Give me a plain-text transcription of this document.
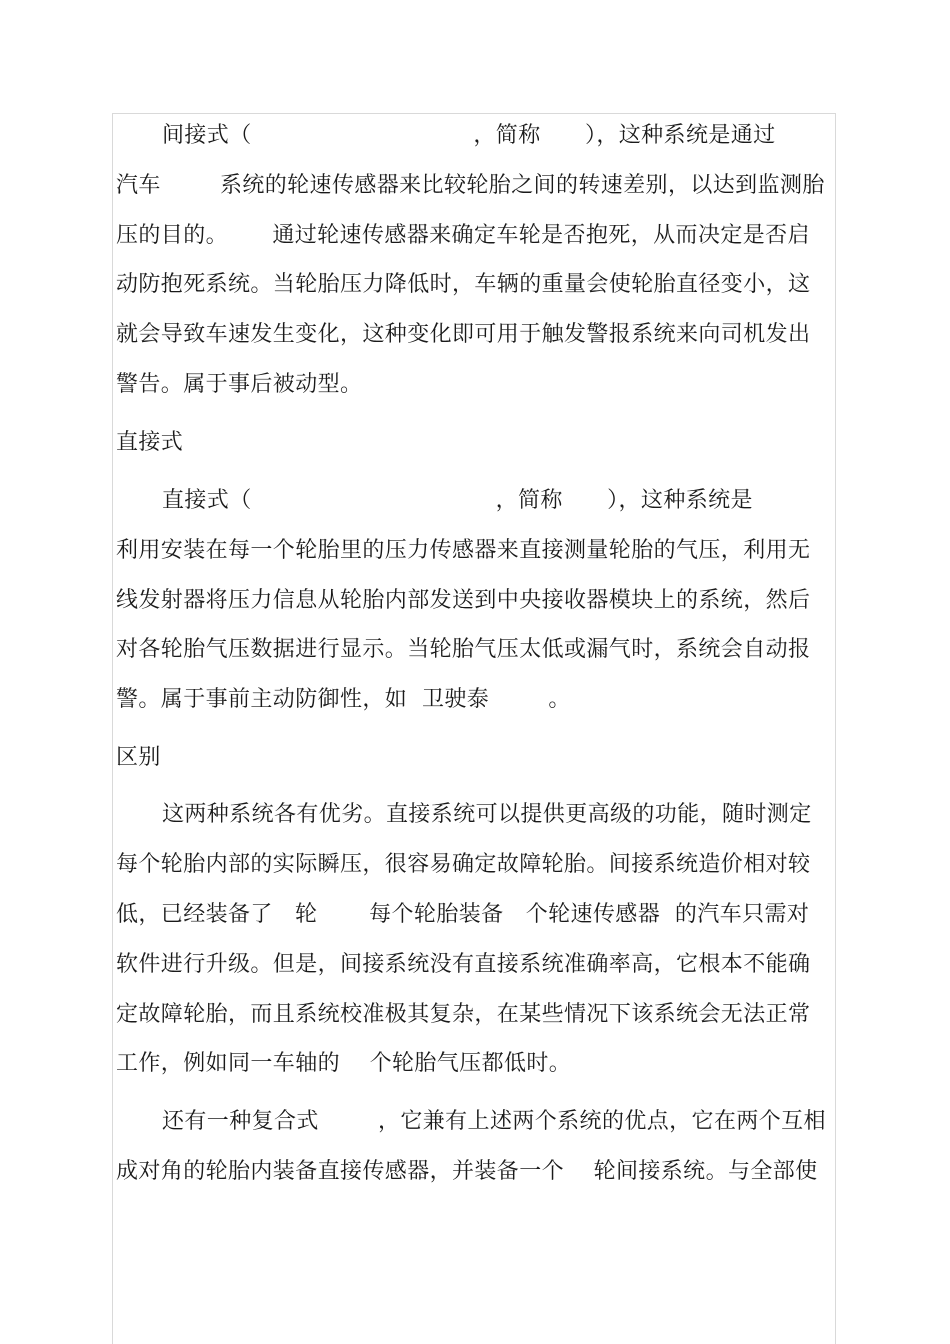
间接式（                              ，简称      ），这种系统是通过
汽车        系统的轮速传感器来比较轮胎之间的转速差别，以达到监测胎
压的目的。      通过轮速传感器来确定车轮是否抱死，从而决定是否启
动防抱死系统。当轮胎压力降低时，车辆的重量会使轮胎直径变小，这
就会导致车速发生变化，这种变化即可用于触发警报系统来向司机发出
警告。属于事后被动型。
直接式
直接式（                                 ，简称      ），这种系统是
利用安装在每一个轮胎里的压力传感器来直接测量轮胎的气压，利用无
线发射器将压力信息从轮胎内部发送到中央接收器模块上的系统，然后
对各轮胎气压数据进行显示。当轮胎气压太低或漏气时，系统会自动报
警。属于事前主动防御性，如  卫驶泰        。
区别
这两种系统各有优劣。直接系统可以提供更高级的功能，随时测定
每个轮胎内部的实际瞬压，很容易确定故障轮胎。间接系统造价相对较
低，已经装备了   轮       每个轮胎装备   个轮速传感器  的汽车只需对
软件进行升级。但是，间接系统没有直接系统准确率高，它根本不能确
定故障轮胎，而且系统校准极其复杂，在某些情况下该系统会无法正常
工作，例如同一车轴的    个轮胎气压都低时。
还有一种复合式        ，它兼有上述两个系统的优点，它在两个互相
成对角的轮胎内装备直接传感器，并装备一个    轮间接系统。与全部使
